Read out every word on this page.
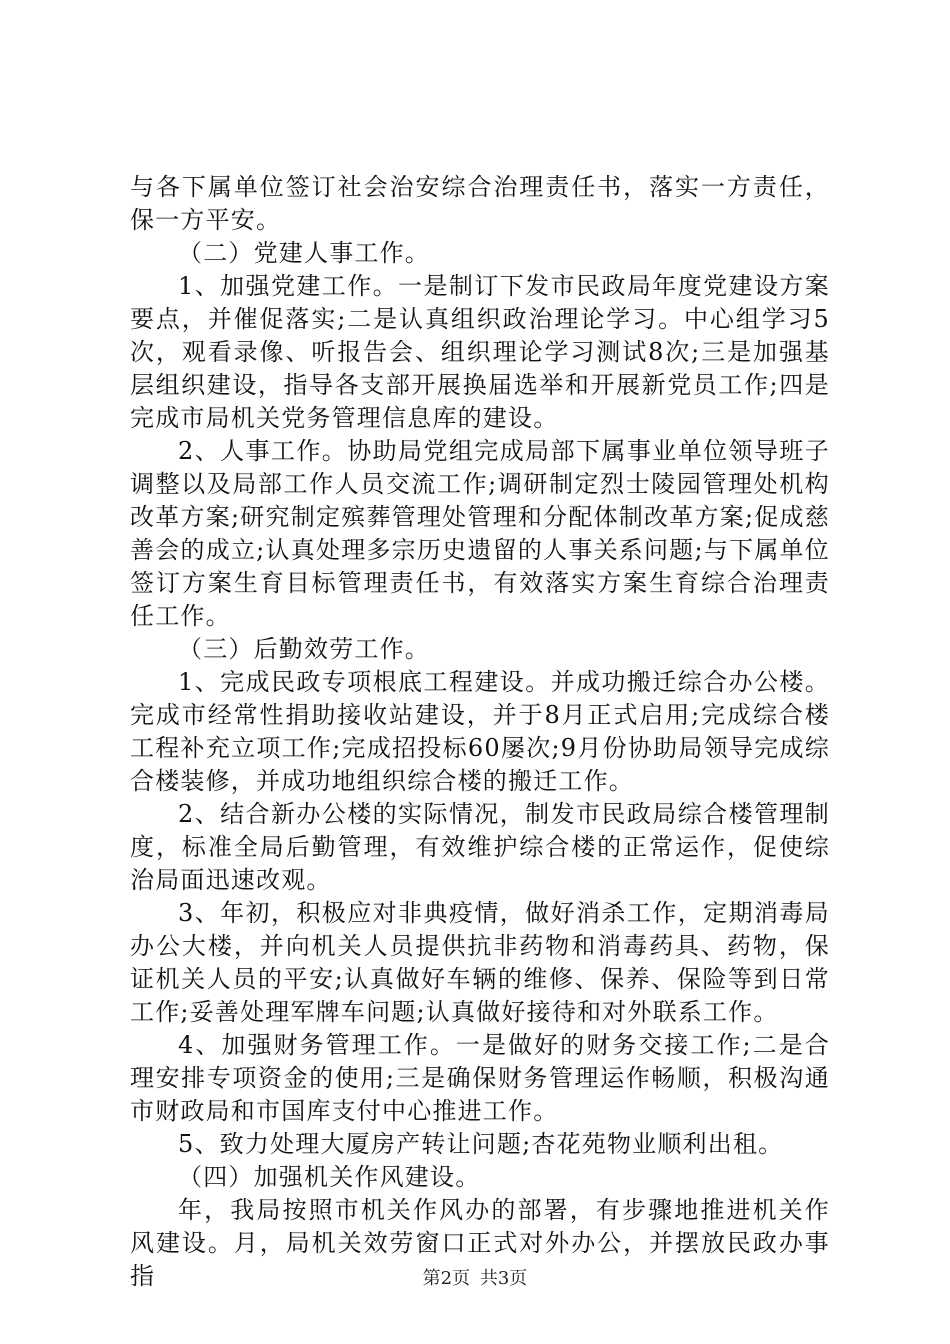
与各下属单位签订社会治安综合治理责任书，落实一方责任，保一方平安。

（二）党建人事工作。

1、加强党建工作。一是制订下发市民政局年度党建设方案要点，并催促落实;二是认真组织政治理论学习。中心组学习5次，观看录像、听报告会、组织理论学习测试8次;三是加强基层组织建设，指导各支部开展换届选举和开展新党员工作;四是完成市局机关党务管理信息库的建设。

2、人事工作。协助局党组完成局部下属事业单位领导班子调整以及局部工作人员交流工作;调研制定烈士陵园管理处机构改革方案;研究制定殡葬管理处管理和分配体制改革方案;促成慈善会的成立;认真处理多宗历史遗留的人事关系问题;与下属单位签订方案生育目标管理责任书，有效落实方案生育综合治理责任工作。

（三）后勤效劳工作。

1、完成民政专项根底工程建设。并成功搬迁综合办公楼。完成市经常性捐助接收站建设，并于8月正式启用;完成综合楼工程补充立项工作;完成招投标60屡次;9月份协助局领导完成综合楼装修，并成功地组织综合楼的搬迁工作。

2、结合新办公楼的实际情况，制发市民政局综合楼管理制度，标准全局后勤管理，有效维护综合楼的正常运作，促使综治局面迅速改观。

3、年初，积极应对非典疫情，做好消杀工作，定期消毒局办公大楼，并向机关人员提供抗非药物和消毒药具、药物，保证机关人员的平安;认真做好车辆的维修、保养、保险等到日常工作;妥善处理军牌车问题;认真做好接待和对外联系工作。

4、加强财务管理工作。一是做好的财务交接工作;二是合理安排专项资金的使用;三是确保财务管理运作畅顺，积极沟通市财政局和市国库支付中心推进工作。

5、致力处理大厦房产转让问题;杏花苑物业顺利出租。

（四）加强机关作风建设。

年，我局按照市机关作风办的部署，有步骤地推进机关作风建设。月，局机关效劳窗口正式对外办公，并摆放民政办事指	第2页 共3页
